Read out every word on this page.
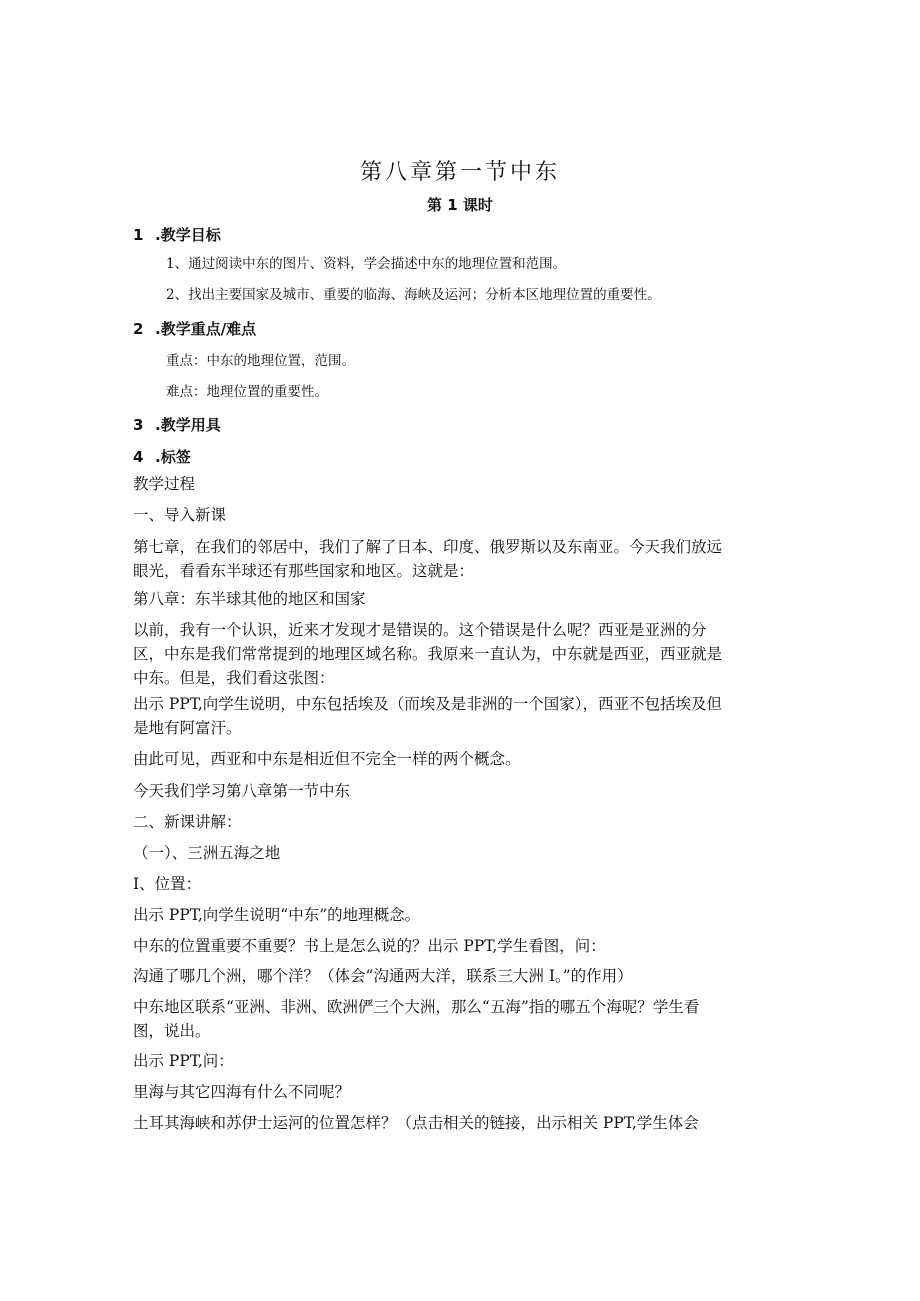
第八章第一节中东
第 1 课时
1 .教学目标
1、通过阅读中东的图片、资料，学会描述中东的地理位置和范围。
2、找出主要国家及城市、重要的临海、海峡及运河；分析本区地理位置的重要性。
2 .教学重点/难点
重点：中东的地理位置，范围。
难点：地理位置的重要性。
3 .教学用具
4 .标签
教学过程
一、导入新课
第七章，在我们的邻居中，我们了解了日本、印度、俄罗斯以及东南亚。今天我们放远
眼光，看看东半球还有那些国家和地区。这就是：
第八章：东半球其他的地区和国家
以前，我有一个认识，近来才发现才是错误的。这个错误是什么呢？西亚是亚洲的分
区，中东是我们常常提到的地理区域名称。我原来一直认为，中东就是西亚，西亚就是
中东。但是，我们看这张图：
出示 PPT,向学生说明，中东包括埃及（而埃及是非洲的一个国家），西亚不包括埃及但
是地有阿富汗。
由此可见，西亚和中东是相近但不完全一样的两个概念。
今天我们学习第八章第一节中东
二、新课讲解：
（一）、三洲五海之地
I、位置：
出示 PPT,向学生说明“中东”的地理概念。
中东的位置重要不重要？书上是怎么说的？出示 PPT,学生看图，问：
沟通了哪几个洲，哪个洋？（体会“沟通两大洋，联系三大洲 I。”的作用）
中东地区联系“亚洲、非洲、欧洲俨三个大洲，那么“五海”指的哪五个海呢？学生看
图，说出。
出示 PPT,问：
里海与其它四海有什么不同呢？
土耳其海峡和苏伊士运河的位置怎样？（点击相关的链接，出示相关 PPT,学生体会
